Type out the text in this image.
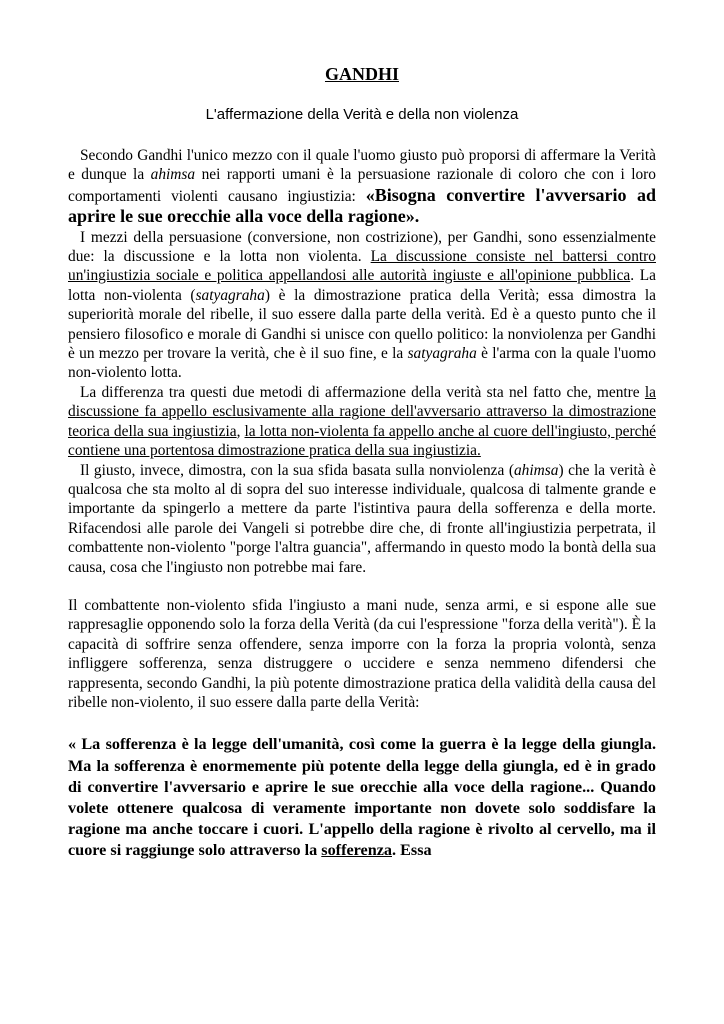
GANDHI
L'affermazione della Verità e della non violenza

Secondo Gandhi l'unico mezzo con il quale l'uomo giusto può proporsi di affermare la Verità e dunque la ahimsa nei rapporti umani è la persuasione razionale di coloro che con i loro comportamenti violenti causano ingiustizia: «Bisogna convertire l'avversario ad aprire le sue orecchie alla voce della ragione».

I mezzi della persuasione (conversione, non costrizione), per Gandhi, sono essenzialmente due: la discussione e la lotta non violenta. La discussione consiste nel battersi contro un'ingiustizia sociale e politica appellandosi alle autorità ingiuste e all'opinione pubblica. La lotta non-violenta (satyagraha) è la dimostrazione pratica della Verità; essa dimostra la superiorità morale del ribelle, il suo essere dalla parte della verità. Ed è a questo punto che il pensiero filosofico e morale di Gandhi si unisce con quello politico: la nonviolenza per Gandhi è un mezzo per trovare la verità, che è il suo fine, e la satyagraha è l'arma con la quale l'uomo non-violento lotta.

La differenza tra questi due metodi di affermazione della verità sta nel fatto che, mentre la discussione fa appello esclusivamente alla ragione dell'avversario attraverso la dimostrazione teorica della sua ingiustizia, la lotta non-violenta fa appello anche al cuore dell'ingiusto, perché contiene una portentosa dimostrazione pratica della sua ingiustizia.

Il giusto, invece, dimostra, con la sua sfida basata sulla nonviolenza (ahimsa) che la verità è qualcosa che sta molto al di sopra del suo interesse individuale, qualcosa di talmente grande e importante da spingerlo a mettere da parte l'istintiva paura della sofferenza e della morte. Rifacendosi alle parole dei Vangeli si potrebbe dire che, di fronte all'ingiustizia perpetrata, il combattente non-violento "porge l'altra guancia", affermando in questo modo la bontà della sua causa, cosa che l'ingiusto non potrebbe mai fare.

Il combattente non-violento sfida l'ingiusto a mani nude, senza armi, e si espone alle sue rappresaglie opponendo solo la forza della Verità (da cui l'espressione "forza della verità"). È la capacità di soffrire senza offendere, senza imporre con la forza la propria volontà, senza infliggere sofferenza, senza distruggere o uccidere e senza nemmeno difendersi che rappresenta, secondo Gandhi, la più potente dimostrazione pratica della validità della causa del ribelle non-violento, il suo essere dalla parte della Verità:

« La sofferenza è la legge dell'umanità, così come la guerra è la legge della giungla. Ma la sofferenza è enormemente più potente della legge della giungla, ed è in grado di convertire l'avversario e aprire le sue orecchie alla voce della ragione... Quando volete ottenere qualcosa di veramente importante non dovete solo soddisfare la ragione ma anche toccare i cuori. L'appello della ragione è rivolto al cervello, ma il cuore si raggiunge solo attraverso la sofferenza. Essa
